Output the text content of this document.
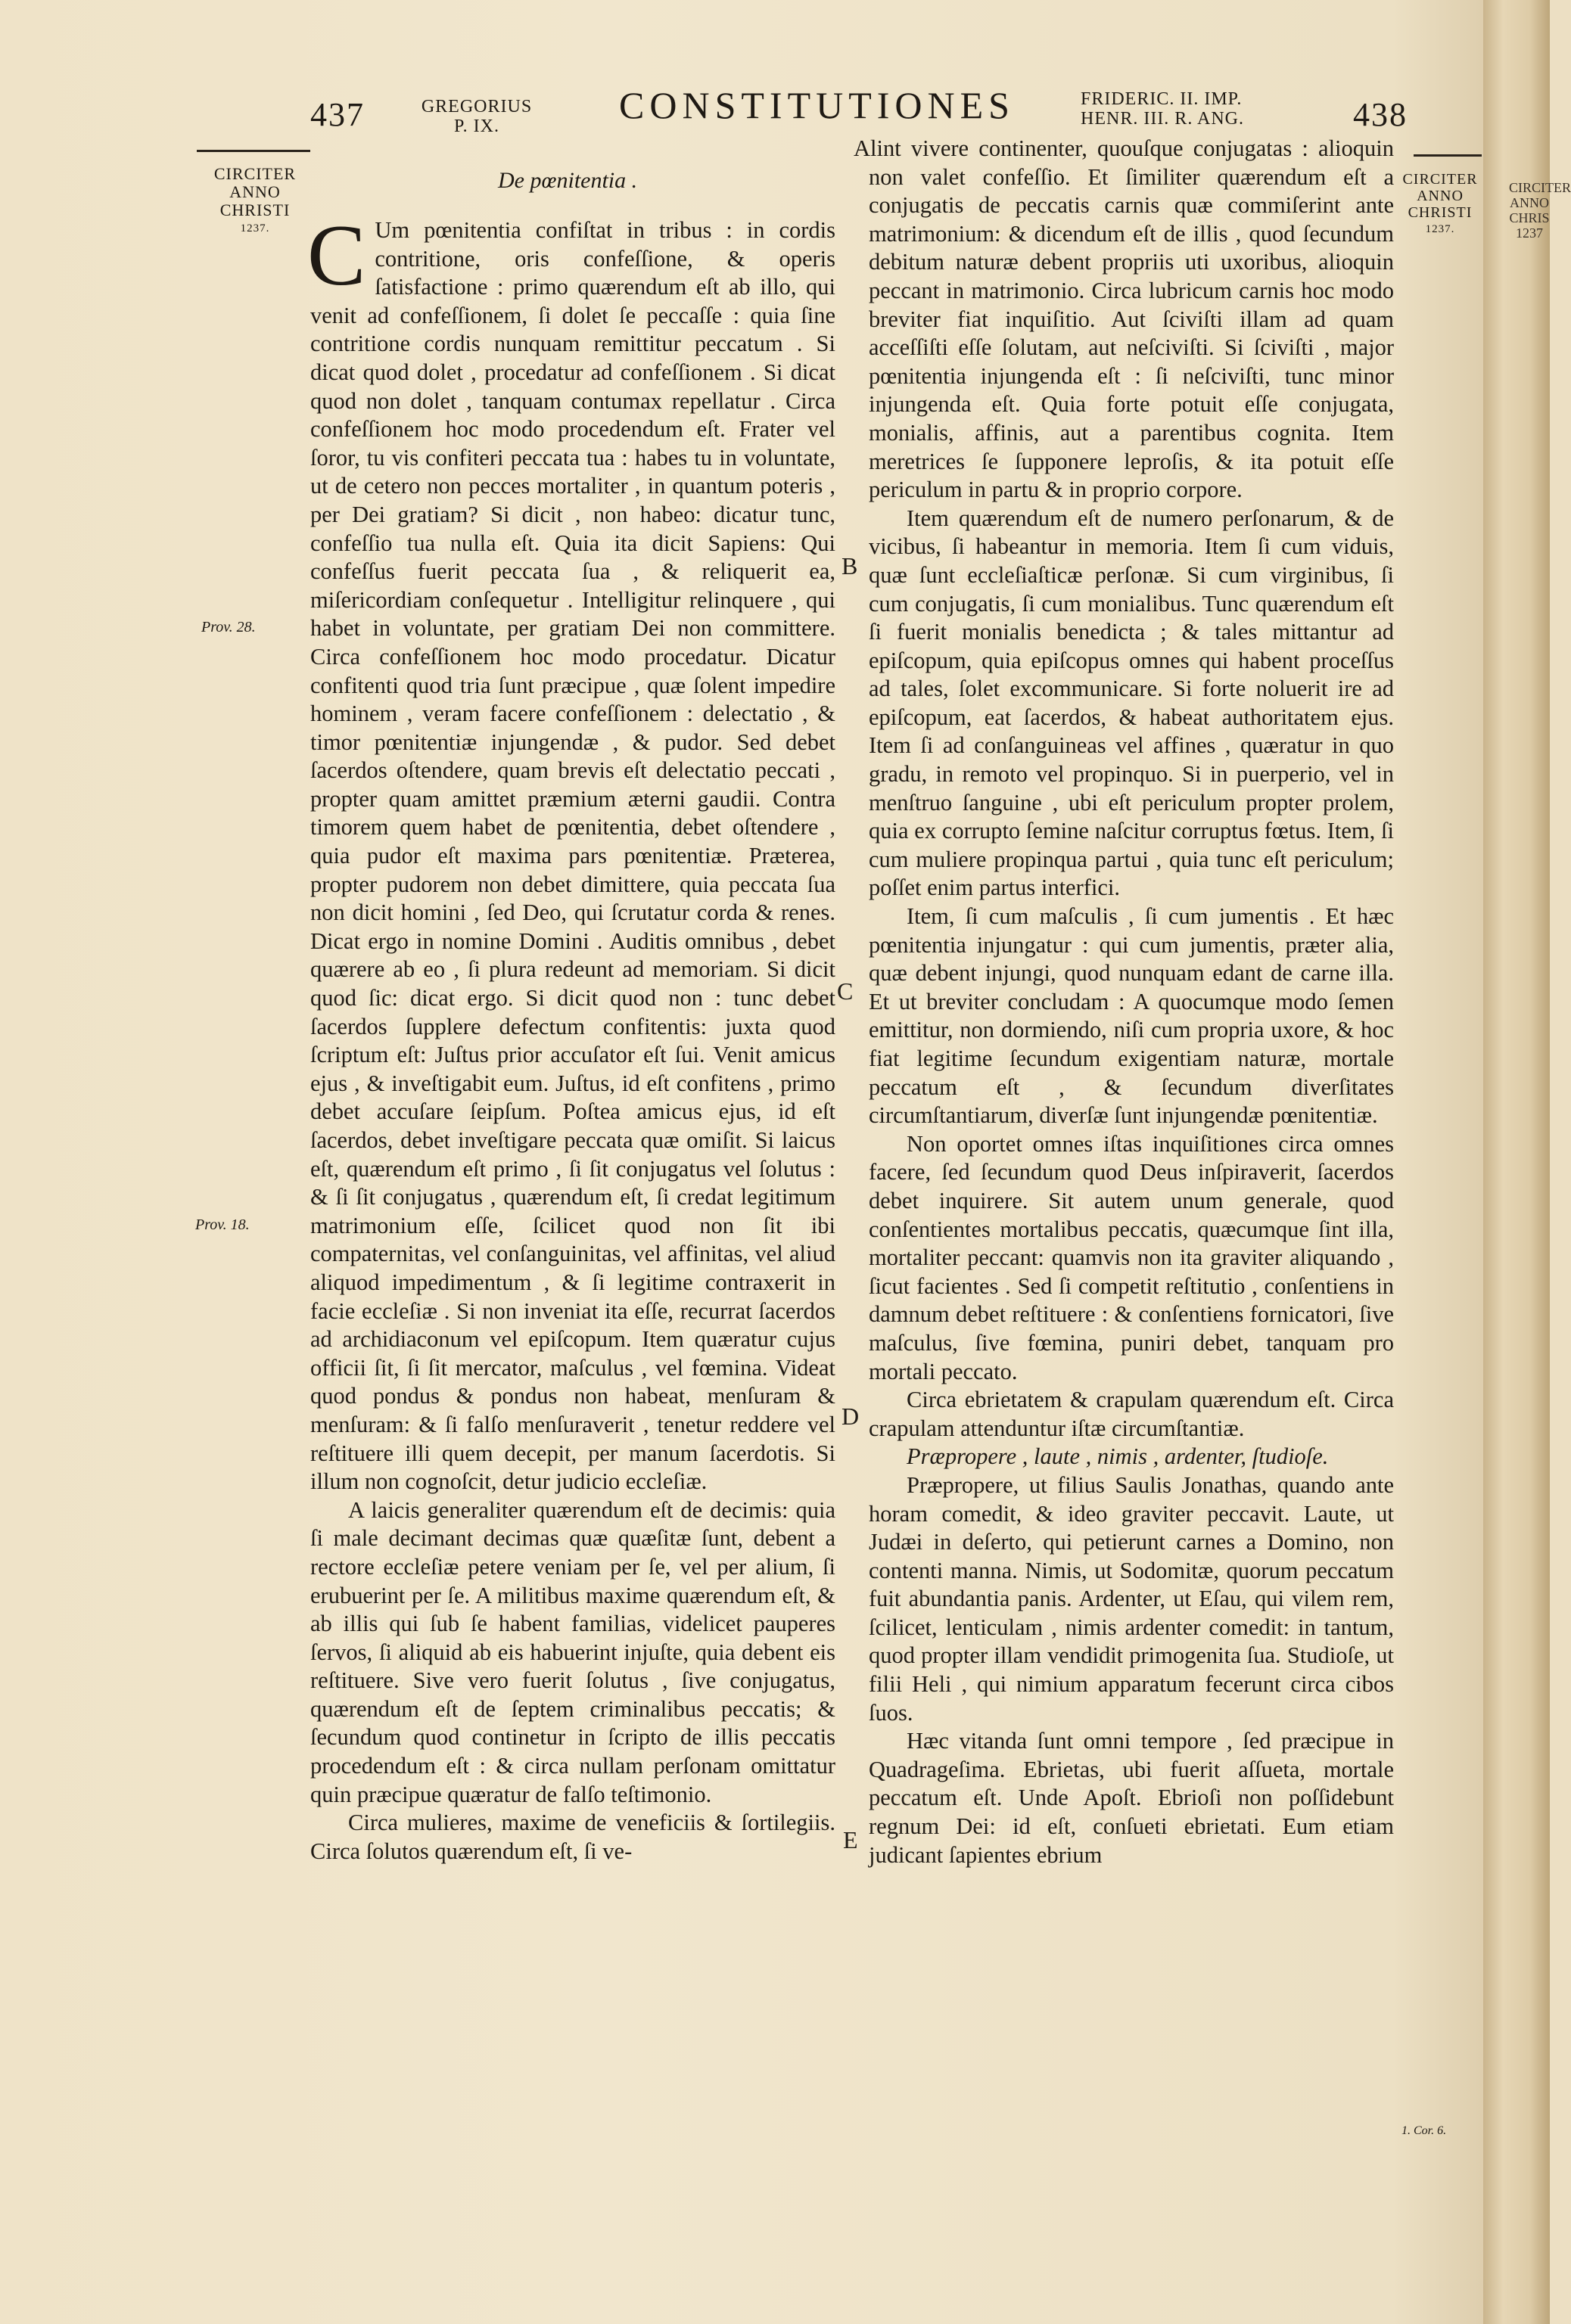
437	GREGORIUS
P. IX.	CONSTITUTIONES	FRIDERIC. II. IMP.
HENR. III. R. ANG.	438
CIRCITER
ANNO
CHRISTI
1237.
Prov. 28.
Prov. 18.
CIRCITER
ANNO
CHRISTI
1237.
1. Cor. 6.
CIRCITER
ANNO
CHRIS
1237
B
C
D
E
De pœnitentia .

C Um pœnitentia confiſtat in tribus : in cordis contritione, oris confeſſione, & operis ſatisfactione : primo quærendum eſt ab illo, qui venit ad confeſſionem, ſi dolet ſe peccaſſe : quia ſine contritione cordis nunquam remittitur peccatum . Si dicat quod dolet , procedatur ad confeſſionem . Si dicat quod non dolet , tanquam contumax repellatur . Circa confeſſionem hoc modo procedendum eſt. Frater vel ſoror, tu vis confiteri peccata tua : habes tu in voluntate, ut de cetero non pecces mortaliter , in quantum poteris , per Dei gratiam? Si dicit , non habeo: dicatur tunc, confeſſio tua nulla eſt. Quia ita dicit Sapiens: Qui confeſſus fuerit peccata ſua , & reliquerit ea, miſericordiam conſequetur . Intelligitur relinquere , qui habet in voluntate, per gratiam Dei non committere. Circa confeſſionem hoc modo procedatur. Dicatur confitenti quod tria ſunt præcipue , quæ ſolent impedire hominem , veram facere confeſſionem : delectatio , & timor pœnitentiæ injungendæ , & pudor. Sed debet ſacerdos oſtendere, quam brevis eſt delectatio peccati , propter quam amittet præmium æterni gaudii. Contra timorem quem habet de pœnitentia, debet oſtendere , quia pudor eſt maxima pars pœnitentiæ. Præterea, propter pudorem non debet dimittere, quia peccata ſua non dicit homini , ſed Deo, qui ſcrutatur corda & renes. Dicat ergo in nomine Domini . Auditis omnibus , debet quærere ab eo , ſi plura redeunt ad memoriam. Si dicit quod ſic: dicat ergo. Si dicit quod non : tunc debet ſacerdos ſupplere defectum confitentis: juxta quod ſcriptum eſt: Juſtus prior accuſator eſt ſui. Venit amicus ejus , & inveſtigabit eum. Juſtus, id eſt confitens , primo debet accuſare ſeipſum. Poſtea amicus ejus, id eſt ſacerdos, debet inveſtigare peccata quæ omiſit. Si laicus eſt, quærendum eſt primo , ſi ſit conjugatus vel ſolutus : & ſi ſit conjugatus , quærendum eſt, ſi credat legitimum matrimonium eſſe, ſcilicet quod non ſit ibi compaternitas, vel conſanguinitas, vel affinitas, vel aliud aliquod impedimentum , & ſi legitime contraxerit in facie eccleſiæ . Si non inveniat ita eſſe, recurrat ſacerdos ad archidiaconum vel epiſcopum. Item quæratur cujus officii ſit, ſi ſit mercator, maſculus , vel fœmina. Videat quod pondus & pondus non habeat, menſuram & menſuram: & ſi falſo menſuraverit , tenetur reddere vel reſtituere illi quem decepit, per manum ſacerdotis. Si illum non cognoſcit, detur judicio eccleſiæ.

A laicis generaliter quærendum eſt de decimis: quia ſi male decimant decimas quæ quæſitæ ſunt, debent a rectore eccleſiæ petere veniam per ſe, vel per alium, ſi erubuerint per ſe. A militibus maxime quærendum eſt, & ab illis qui ſub ſe habent familias, videlicet pauperes ſervos, ſi aliquid ab eis habuerint injuſte, quia debent eis reſtituere. Sive vero fuerit ſolutus , ſive conjugatus, quærendum eſt de ſeptem criminalibus peccatis; & ſecundum quod continetur in ſcripto de illis peccatis procedendum eſt : & circa nullam perſonam omittatur quin præcipue quæratur de falſo teſtimonio.

Circa mulieres, maxime de veneficiis & ſortilegiis. Circa ſolutos quærendum eſt, ſi ve-

Alint vivere continenter, quouſque conjugatas : alioquin non valet confeſſio. Et ſimiliter quærendum eſt a conjugatis de peccatis carnis quæ commiſerint ante matrimonium: & dicendum eſt de illis , quod ſecundum debitum naturæ debent propriis uti uxoribus, alioquin peccant in matrimonio. Circa lubricum carnis hoc modo breviter fiat inquiſitio. Aut ſciviſti illam ad quam acceſſiſti eſſe ſolutam, aut neſciviſti. Si ſciviſti , major pœnitentia injungenda eſt : ſi neſciviſti, tunc minor injungenda eſt. Quia forte potuit eſſe conjugata, monialis, affinis, aut a parentibus cognita. Item meretrices ſe ſupponere leproſis, & ita potuit eſſe periculum in partu & in proprio corpore.

Item quærendum eſt de numero perſonarum, & de vicibus, ſi habeantur in memoria. Item ſi cum viduis, quæ ſunt eccleſiaſticæ perſonæ. Si cum virginibus, ſi cum conjugatis, ſi cum monialibus. Tunc quærendum eſt ſi fuerit monialis benedicta ; & tales mittantur ad epiſcopum, quia epiſcopus omnes qui habent proceſſus ad tales, ſolet excommunicare. Si forte noluerit ire ad epiſcopum, eat ſacerdos, & habeat authoritatem ejus. Item ſi ad conſanguineas vel affines , quæratur in quo gradu, in remoto vel propinquo. Si in puerperio, vel in menſtruo ſanguine , ubi eſt periculum propter prolem, quia ex corrupto ſemine naſcitur corruptus fœtus. Item, ſi cum muliere propinqua partui , quia tunc eſt periculum; poſſet enim partus interfici.

Item, ſi cum maſculis , ſi cum jumentis . Et hæc pœnitentia injungatur : qui cum jumentis, præter alia, quæ debent injungi, quod nunquam edant de carne illa. Et ut breviter concludam : A quocumque modo ſemen emittitur, non dormiendo, niſi cum propria uxore, & hoc fiat legitime ſecundum exigentiam naturæ, mortale peccatum eſt , & ſecundum diverſitates circumſtantiarum, diverſæ ſunt injungendæ pœnitentiæ.

Non oportet omnes iſtas inquiſitiones circa omnes facere, ſed ſecundum quod Deus inſpiraverit, ſacerdos debet inquirere. Sit autem unum generale, quod conſentientes mortalibus peccatis, quæcumque ſint illa, mortaliter peccant: quamvis non ita graviter aliquando , ſicut facientes . Sed ſi competit reſtitutio , conſentiens in damnum debet reſtituere : & conſentiens fornicatori, ſive maſculus, ſive fœmina, puniri debet, tanquam pro mortali peccato.

Circa ebrietatem & crapulam quærendum eſt. Circa crapulam attenduntur iſtæ circumſtantiæ.

Præpropere , laute , nimis , ardenter, ſtudioſe.

Præpropere, ut filius Saulis Jonathas, quando ante horam comedit, & ideo graviter peccavit. Laute, ut Judæi in deſerto, qui petierunt carnes a Domino, non contenti manna. Nimis, ut Sodomitæ, quorum peccatum fuit abundantia panis. Ardenter, ut Eſau, qui vilem rem, ſcilicet, lenticulam , nimis ardenter comedit: in tantum, quod propter illam vendidit primogenita ſua. Studioſe, ut filii Heli , qui nimium apparatum fecerunt circa cibos ſuos.

Hæc vitanda ſunt omni tempore , ſed præcipue in Quadrageſima. Ebrietas, ubi fuerit aſſueta, mortale peccatum eſt. Unde Apoſt. Ebrioſi non poſſidebunt regnum Dei: id eſt, conſueti ebrietati. Eum etiam judicant ſapientes ebrium
